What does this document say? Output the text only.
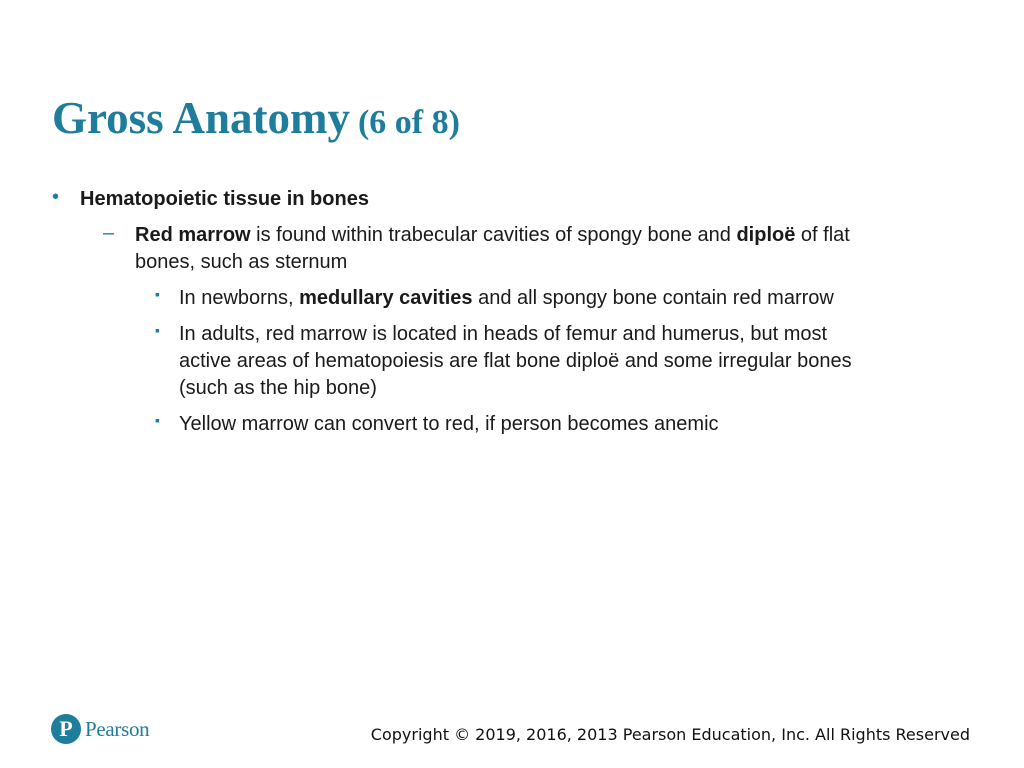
Gross Anatomy (6 of 8)
• Hematopoietic tissue in bones
– Red marrow is found within trabecular cavities of spongy bone and diploë of flat
bones, such as sternum
▪ In newborns, medullary cavities and all spongy bone contain red marrow
▪ In adults, red marrow is located in heads of femur and humerus, but most
active areas of hematopoiesis are flat bone diploë and some irregular bones
(such as the hip bone)
▪ Yellow marrow can convert to red, if person becomes anemic
P Pearson	Copyright © 2019, 2016, 2013 Pearson Education, Inc. All Rights Reserved
